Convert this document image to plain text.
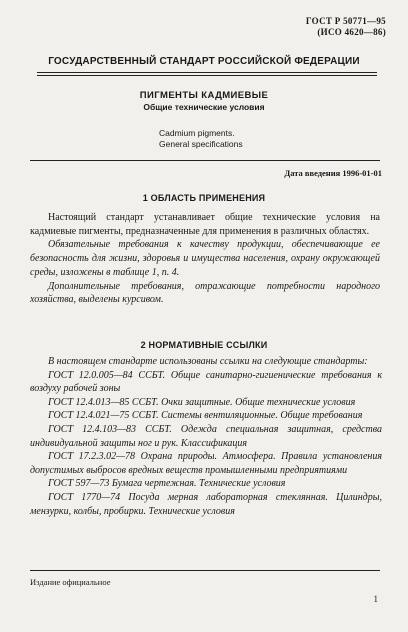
ГОСТ Р 50771—95
(ИСО 4620—86)
ГОСУДАРСТВЕННЫЙ СТАНДАРТ РОССИЙСКОЙ ФЕДЕРАЦИИ
ПИГМЕНТЫ КАДМИЕВЫЕ
Общие технические условия
Cadmium pigments.
General specifications
Дата введения 1996-01-01
1 ОБЛАСТЬ ПРИМЕНЕНИЯ

Настоящий стандарт устанавливает общие технические условия на кадмиевые пигменты, предназначенные для применения в различных областях.

Обязательные требования к качеству продукции, обеспечивающие ее безопасность для жизни, здоровья и имущества населения, охрану окружающей среды, изложены в таблице 1, п. 4.

Дополнительные требования, отражающие потребности народного хозяйства, выделены курсивом.

2 НОРМАТИВНЫЕ ССЫЛКИ

В настоящем стандарте использованы ссылки на следующие стандарты:

ГОСТ 12.0.005—84 ССБТ. Общие санитарно-гигиенические требования к воздуху рабочей зоны

ГОСТ 12.4.013—85 ССБТ. Очки защитные. Общие технические условия

ГОСТ 12.4.021—75 ССБТ. Системы вентиляционные. Общие требования

ГОСТ 12.4.103—83 ССБТ. Одежда специальная защитная, средства индивидуальной защиты ног и рук. Классификация

ГОСТ 17.2.3.02—78 Охрана природы. Атмосфера. Правила установления допустимых выбросов вредных веществ промышленными предприятиями

ГОСТ 597—73 Бумага чертежная. Технические условия

ГОСТ 1770—74 Посуда мерная лабораторная стеклянная. Цилиндры, мензурки, колбы, пробирки. Технические условия

Издание официальное
1
